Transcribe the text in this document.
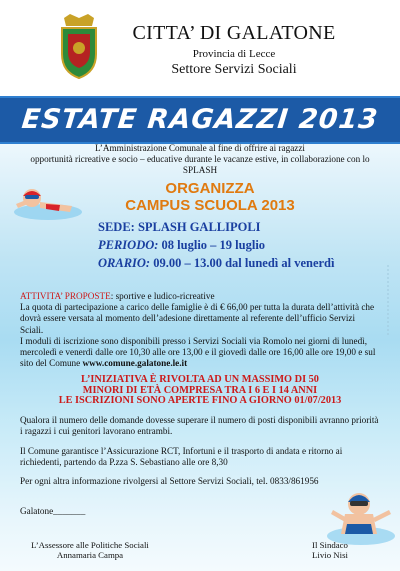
CITTA’ DI GALATONE
Provincia di Lecce
Settore Servizi Sociali
ESTATE RAGAZZI 2013
L’Amministrazione Comunale al fine di offrire ai ragazzi
opportunità ricreative e socio – educative durante le vacanze estive, in collaborazione con lo SPLASH
ORGANIZZA
CAMPUS SCUOLA 2013
SEDE: SPLASH GALLIPOLI
PERIODO: 08 luglio – 19 luglio
ORARIO: 09.00 – 13.00 dal lunedì al venerdì

ATTIVITA’ PROPOSTE: sportive e ludico-ricreative

La quota di partecipazione a carico delle famiglie è di € 66,00 per tutta la durata dell’attività che dovrà essere versata al momento dell’adesione direttamente al referente dell’ufficio Servizi Sciali.

I moduli di iscrizione sono disponibili presso i Servizi Sociali via Romolo nei giorni di lunedì, mercoledì e venerdì dalle ore 10,30 alle ore 13,00 e il giovedì dalle ore 16,00 alle ore 19,00 e sul sito del Comune www.comune.galatone.le.it

L’INIZIATIVA È RIVOLTA AD UN MASSIMO DI 50
MINORI DI ETÀ COMPRESA TRA I 6 E I 14 ANNI
LE ISCRIZIONI SONO APERTE FINO A GIORNO 01/07/2013
Qualora il numero delle domande dovesse superare il numero di posti disponibili avranno priorità i ragazzi i cui genitori lavorano entrambi.
Il Comune garantisce l’Assicurazione RCT, Infortuni e il trasporto di andata e ritorno ai richiedenti, partendo da P.zza S. Sebastiano alle ore 8,30
Per ogni altra informazione rivolgersi al Settore Servizi Sociali, tel. 0833/861956
Galatone_______
L’Assessore alle Politiche Sociali
Annamaria Campa
Il Sindaco
Livio Nisi
